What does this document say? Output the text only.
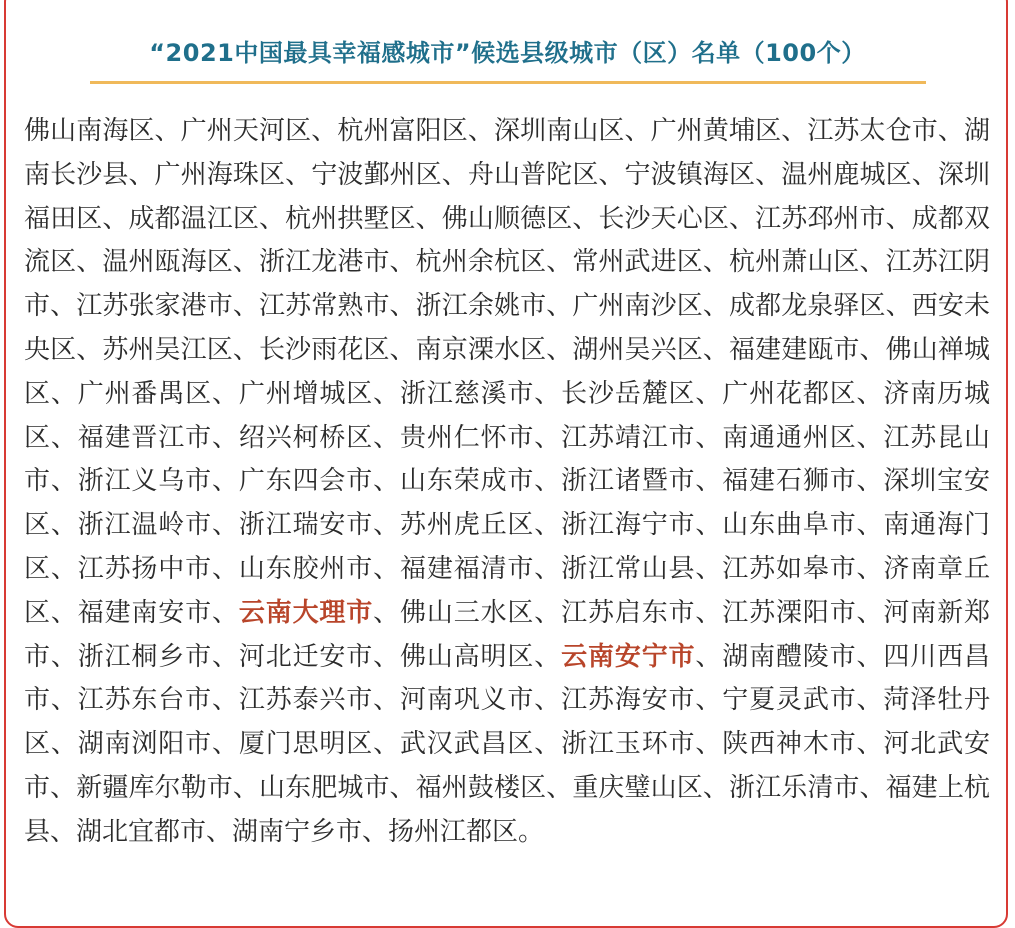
“2021中国最具幸福感城市”候选县级城市（区）名单（100个）

佛山南海区、广州天河区、杭州富阳区、深圳南山区、广州黄埔区、江苏太仓市、湖南长沙县、广州海珠区、宁波鄞州区、舟山普陀区、宁波镇海区、温州鹿城区、深圳福田区、成都温江区、杭州拱墅区、佛山顺德区、长沙天心区、江苏邳州市、成都双流区、温州瓯海区、浙江龙港市、杭州余杭区、常州武进区、杭州萧山区、江苏江阴市、江苏张家港市、江苏常熟市、浙江余姚市、广州南沙区、成都龙泉驿区、西安未央区、苏州吴江区、长沙雨花区、南京溧水区、湖州吴兴区、福建建瓯市、佛山禅城区、广州番禺区、广州增城区、浙江慈溪市、长沙岳麓区、广州花都区、济南历城区、福建晋江市、绍兴柯桥区、贵州仁怀市、江苏靖江市、南通通州区、江苏昆山市、浙江义乌市、广东四会市、山东荣成市、浙江诸暨市、福建石狮市、深圳宝安区、浙江温岭市、浙江瑞安市、苏州虎丘区、浙江海宁市、山东曲阜市、南通海门区、江苏扬中市、山东胶州市、福建福清市、浙江常山县、江苏如皋市、济南章丘区、福建南安市、云南大理市、佛山三水区、江苏启东市、江苏溧阳市、河南新郑市、浙江桐乡市、河北迁安市、佛山高明区、云南安宁市、湖南醴陵市、四川西昌市、江苏东台市、江苏泰兴市、河南巩义市、江苏海安市、宁夏灵武市、菏泽牡丹区、湖南浏阳市、厦门思明区、武汉武昌区、浙江玉环市、陕西神木市、河北武安市、新疆库尔勒市、山东肥城市、福州鼓楼区、重庆璧山区、浙江乐清市、福建上杭县、湖北宜都市、湖南宁乡市、扬州江都区。
